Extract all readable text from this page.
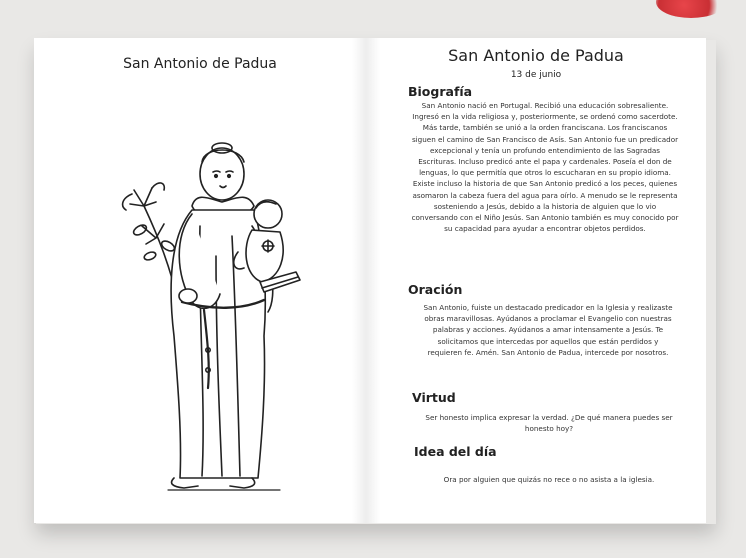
San Antonio de Padua	San Antonio de Padua
13 de junio
Biografía
San Antonio nació en Portugal. Recibió una educación sobresaliente. Ingresó en la vida religiosa y, posteriormente, se ordenó como sacerdote. Más tarde, también se unió a la orden franciscana. Los franciscanos siguen el camino de San Francisco de Asís. San Antonio fue un predicador excepcional y tenía un profundo entendimiento de las Sagradas Escrituras. Incluso predicó ante el papa y cardenales. Poseía el don de lenguas, lo que permitía que otros lo escucharan en su propio idioma. Existe incluso la historia de que San Antonio predicó a los peces, quienes asomaron la cabeza fuera del agua para oírlo. A menudo se le representa sosteniendo a Jesús, debido a la historia de alguien que lo vio conversando con el Niño Jesús. San Antonio también es muy conocido por su capacidad para ayudar a encontrar objetos perdidos.
Oración
San Antonio, fuiste un destacado predicador en la Iglesia y realizaste obras maravillosas. Ayúdanos a proclamar el Evangelio con nuestras palabras y acciones. Ayúdanos a amar intensamente a Jesús. Te solicitamos que intercedas por aquellos que están perdidos y requieren fe. Amén. San Antonio de Padua, intercede por nosotros.
Virtud
Ser honesto implica expresar la verdad. ¿De qué manera puedes ser honesto hoy?
Idea del día
Ora por alguien que quizás no rece o no asista a la iglesia.
